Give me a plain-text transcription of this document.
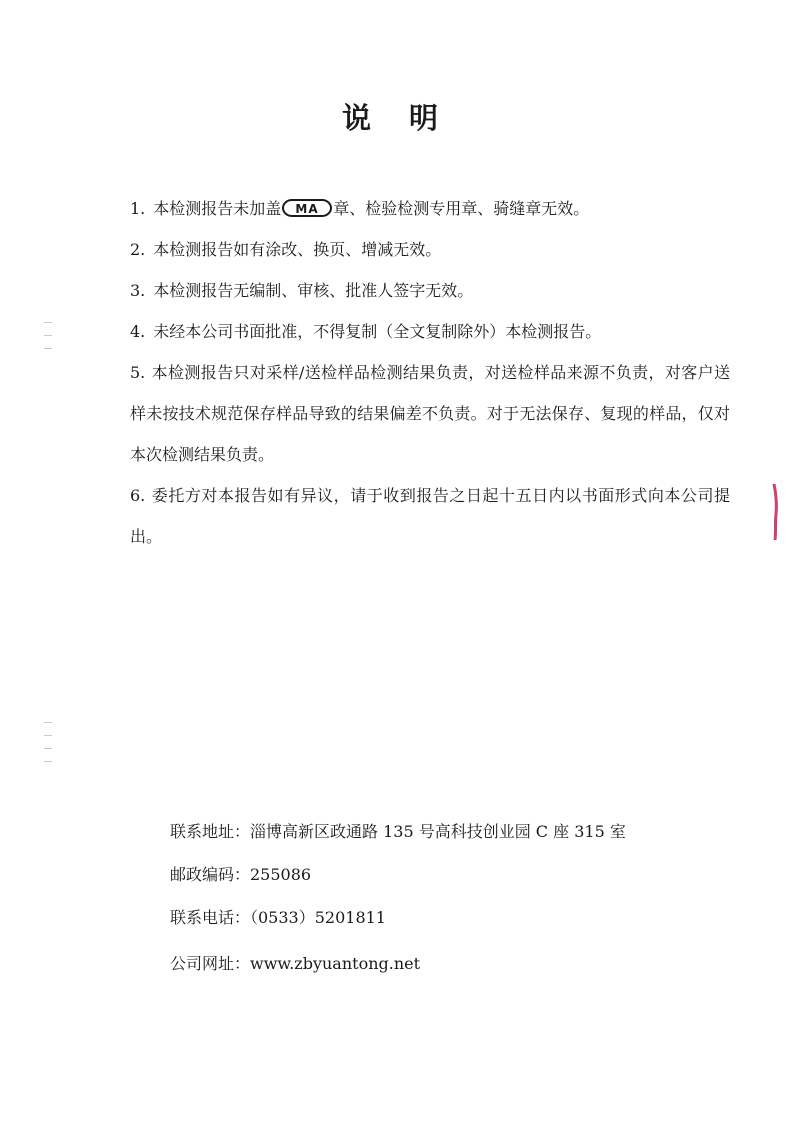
说 明

1. 本检测报告未加盖 MA 章、检验检测专用章、骑缝章无效。

2. 本检测报告如有涂改、换页、增减无效。

3. 本检测报告无编制、审核、批准人签字无效。

4. 未经本公司书面批准，不得复制（全文复制除外）本检测报告。

5. 本检测报告只对采样/送检样品检测结果负责，对送检样品来源不负责，对客户送样未按技术规范保存样品导致的结果偏差不负责。对于无法保存、复现的样品，仅对本次检测结果负责。

6. 委托方对本报告如有异议，请于收到报告之日起十五日内以书面形式向本公司提出。

联系地址：淄博高新区政通路 135 号高科技创业园 C 座 315 室

邮政编码：255086

联系电话：（0533）5201811

公司网址：www.zbyuantong.net
